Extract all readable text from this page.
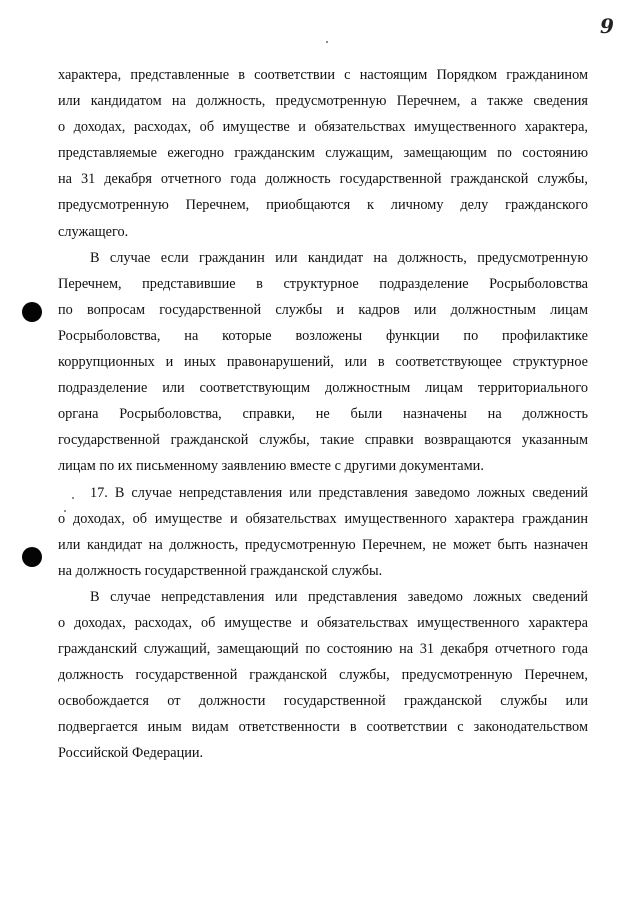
9
характера, представленные в соответствии с настоящим Порядком гражданином
или кандидатом на должность, предусмотренную Перечнем, а также сведения
о доходах, расходах, об имуществе и обязательствах имущественного характера,
представляемые ежегодно гражданским служащим, замещающим по состоянию
на 31 декабря отчетного года должность государственной гражданской службы,
предусмотренную Перечнем, приобщаются к личному делу гражданского
служащего.
В случае если гражданин или кандидат на должность, предусмотренную
Перечнем, представившие в структурное подразделение Росрыболовства
по вопросам государственной службы и кадров или должностным лицам
Росрыболовства, на которые возложены функции по профилактике
коррупционных и иных правонарушений, или в соответствующее структурное
подразделение или соответствующим должностным лицам территориального
органа Росрыболовства, справки, не были назначены на должность
государственной гражданской службы, такие справки возвращаются указанным
лицам по их письменному заявлению вместе с другими документами.
17. В случае непредставления или представления заведомо ложных сведений
о доходах, об имуществе и обязательствах имущественного характера гражданин
или кандидат на должность, предусмотренную Перечнем, не может быть назначен
на должность государственной гражданской службы.
В случае непредставления или представления заведомо ложных сведений
о доходах, расходах, об имуществе и обязательствах имущественного характера
гражданский служащий, замещающий по состоянию на 31 декабря отчетного года
должность государственной гражданской службы, предусмотренную Перечнем,
освобождается от должности государственной гражданской службы или
подвергается иным видам ответственности в соответствии с законодательством
Российской Федерации.
